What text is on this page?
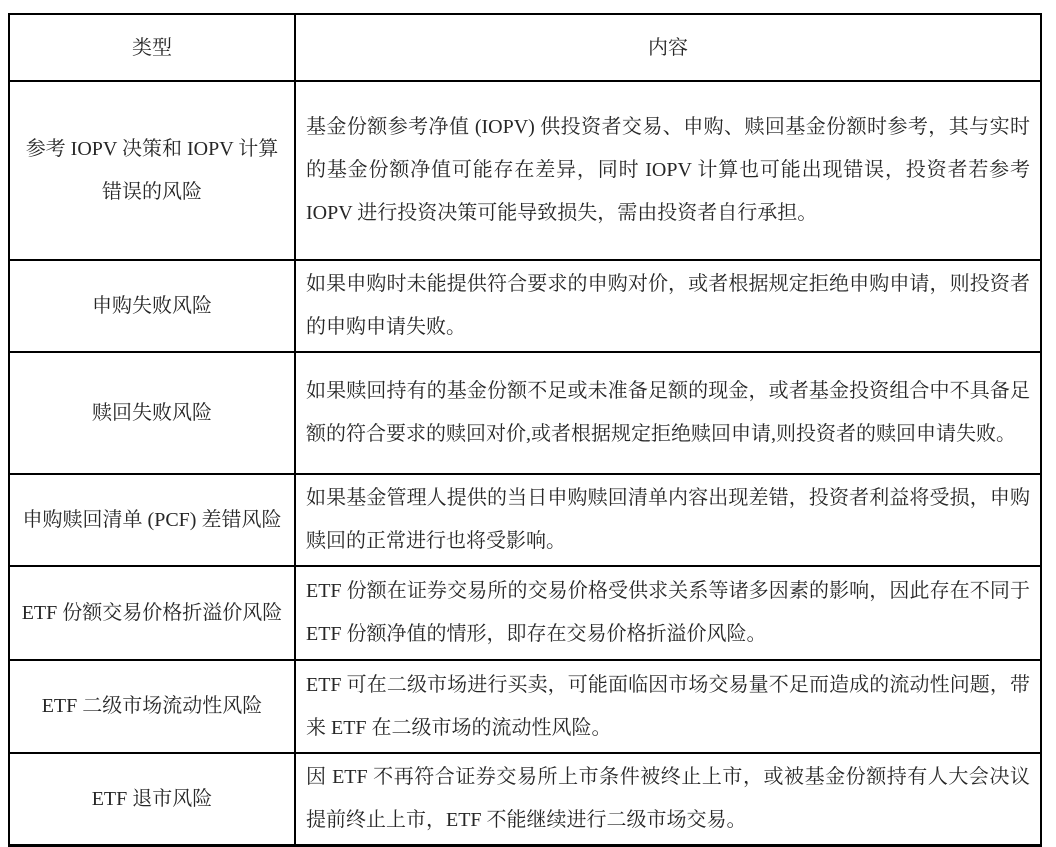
类型	内容
参考 IOPV 决策和 IOPV 计算错误的风险	基金份额参考净值 (IOPV) 供投资者交易、申购、赎回基金份额时参考，其与实时的基金份额净值可能存在差异，同时 IOPV 计算也可能出现错误，投资者若参考 IOPV 进行投资决策可能导致损失，需由投资者自行承担。
申购失败风险	如果申购时未能提供符合要求的申购对价，或者根据规定拒绝申购申请，则投资者的申购申请失败。
赎回失败风险	如果赎回持有的基金份额不足或未准备足额的现金，或者基金投资组合中不具备足额的符合要求的赎回对价,或者根据规定拒绝赎回申请,则投资者的赎回申请失败。
申购赎回清单 (PCF) 差错风险	如果基金管理人提供的当日申购赎回清单内容出现差错，投资者利益将受损，申购赎回的正常进行也将受影响。
ETF 份额交易价格折溢价风险	ETF 份额在证券交易所的交易价格受供求关系等诸多因素的影响，因此存在不同于 ETF 份额净值的情形，即存在交易价格折溢价风险。
ETF 二级市场流动性风险	ETF 可在二级市场进行买卖，可能面临因市场交易量不足而造成的流动性问题，带来 ETF 在二级市场的流动性风险。
ETF 退市风险	因 ETF 不再符合证券交易所上市条件被终止上市，或被基金份额持有人大会决议提前终止上市，ETF 不能继续进行二级市场交易。
